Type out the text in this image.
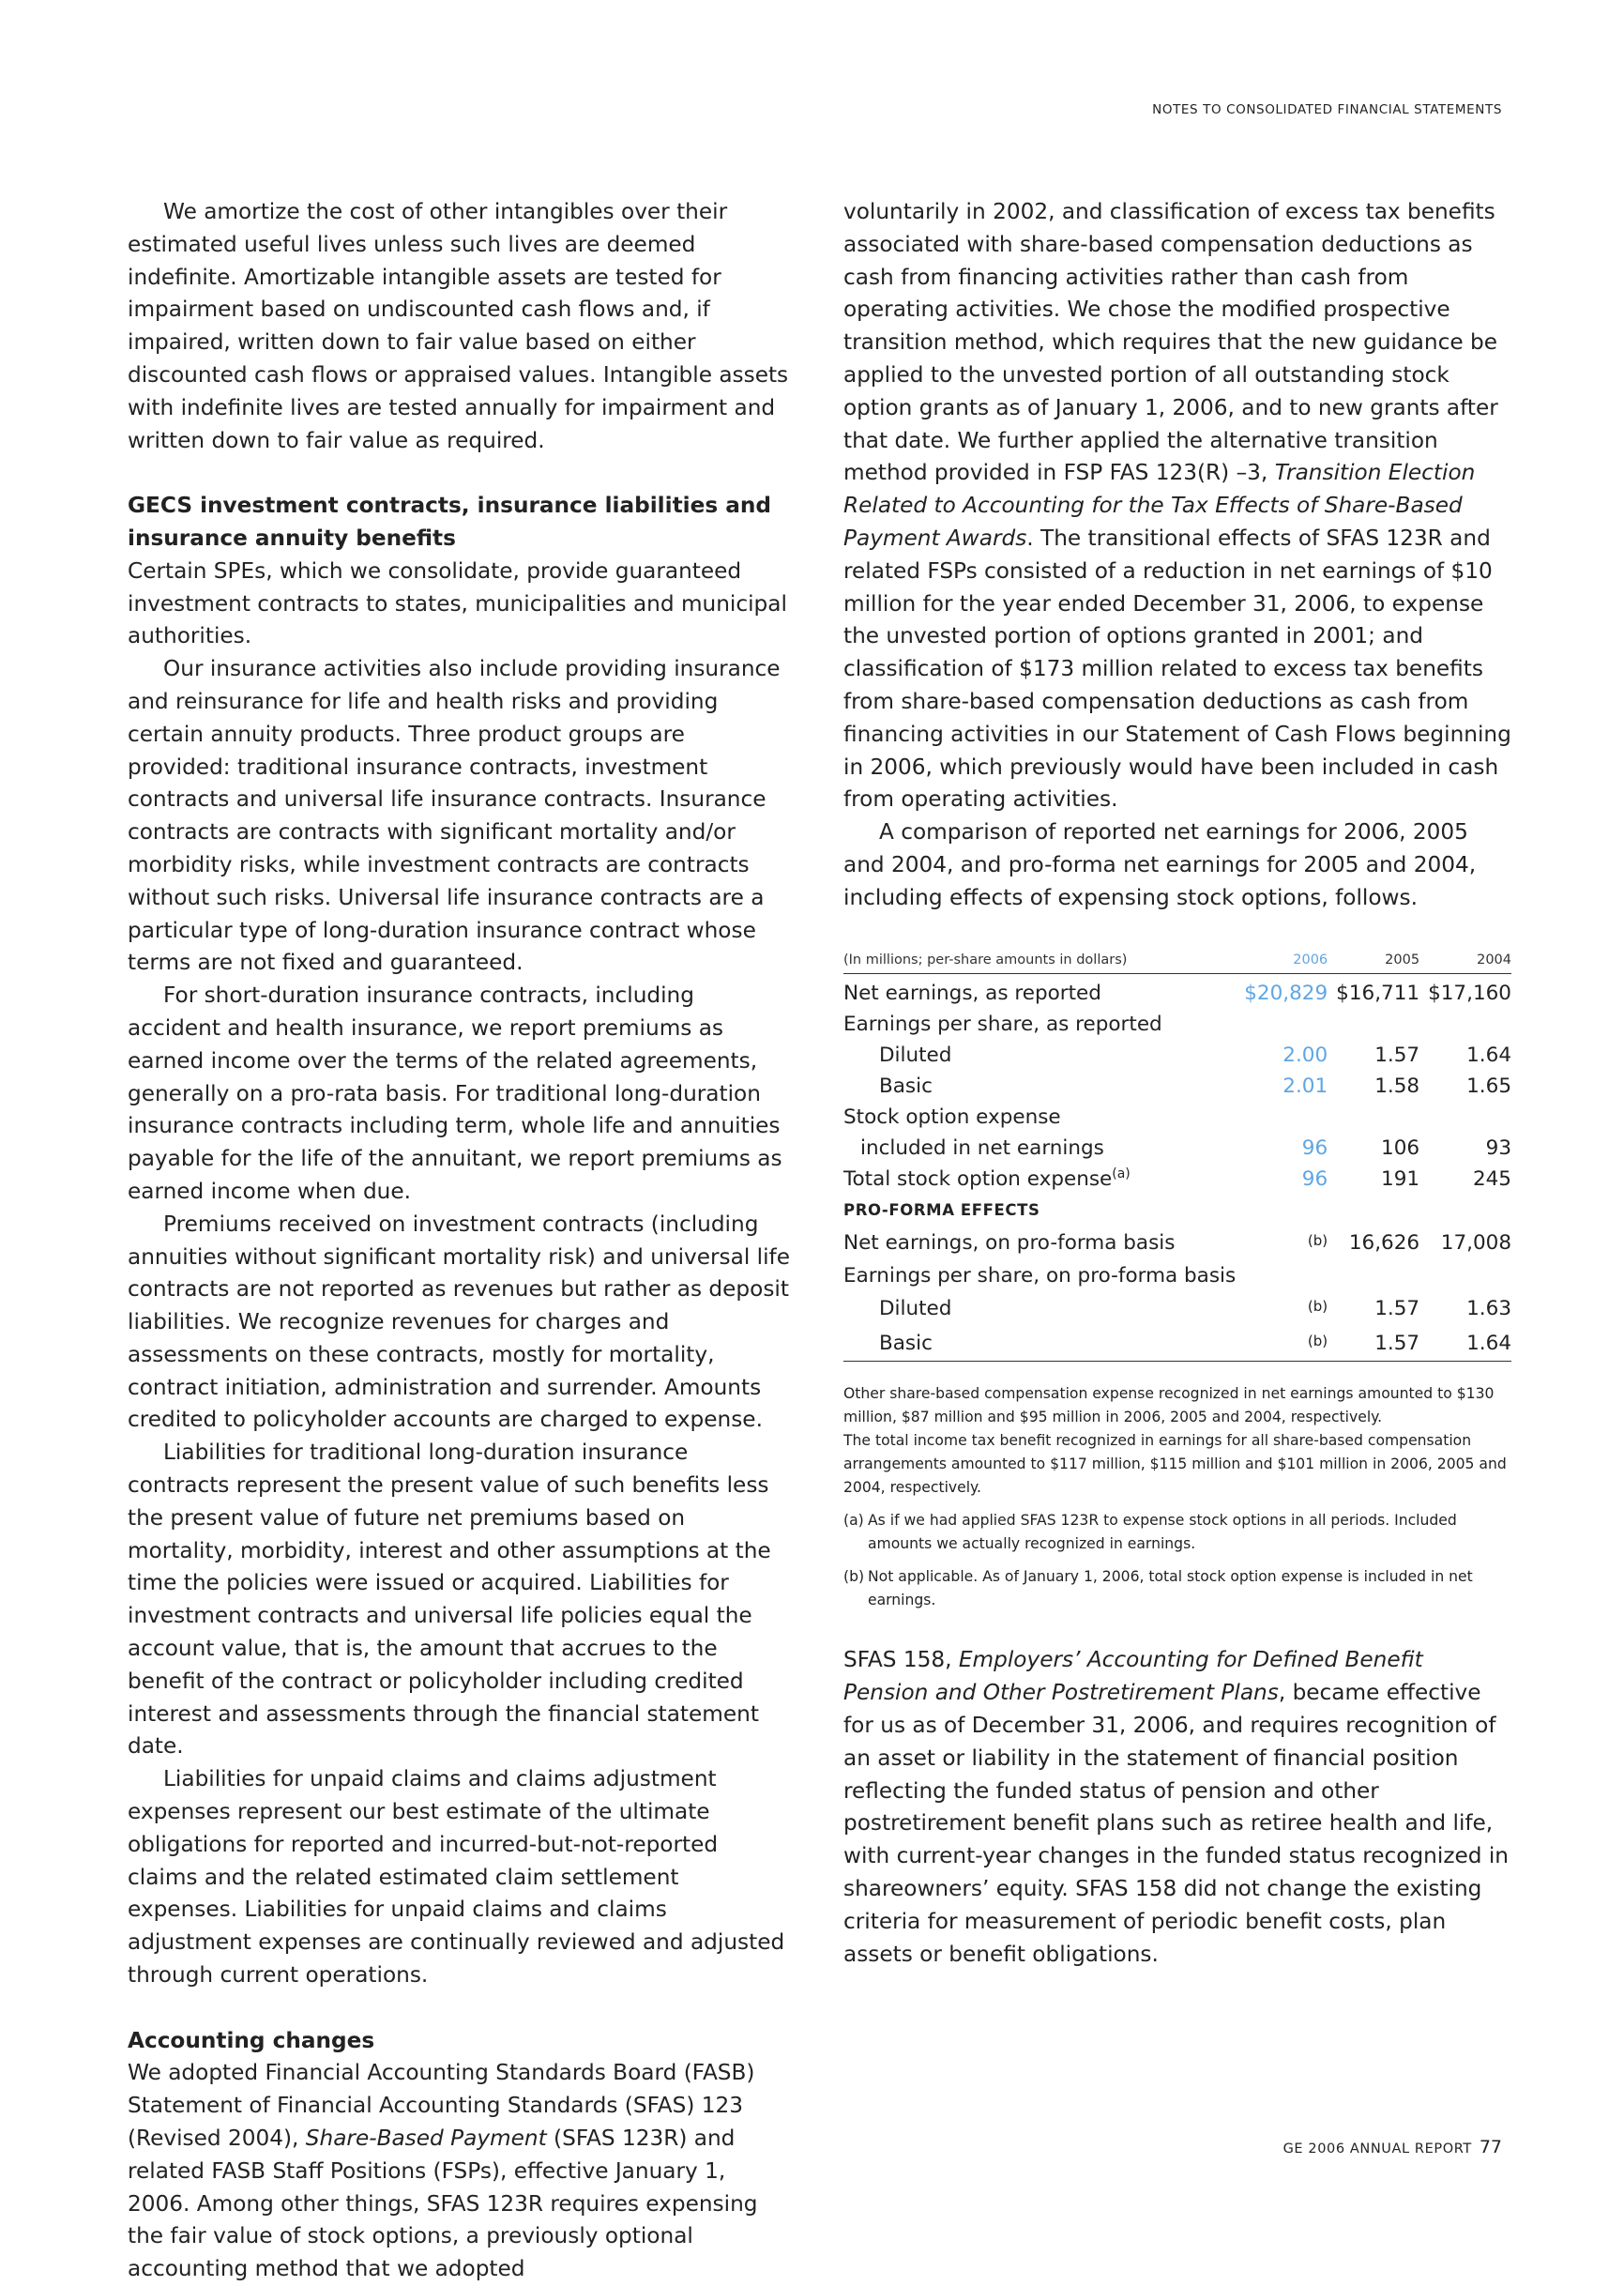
NOTES TO CONSOLIDATED FINANCIAL STATEMENTS

We amortize the cost of other intangibles over their estimated useful lives unless such lives are deemed indefinite. Amortizable intangible assets are tested for impairment based on undiscounted cash flows and, if impaired, written down to fair value based on either discounted cash flows or appraised values. Intangible assets with indefinite lives are tested annually for impairment and written down to fair value as required.

GECS investment contracts, insurance liabilities and insurance annuity benefits

Certain SPEs, which we consolidate, provide guaranteed investment contracts to states, municipalities and municipal authorities.

Our insurance activities also include providing insurance and reinsurance for life and health risks and providing certain annuity products. Three product groups are provided: traditional insurance contracts, investment contracts and universal life insurance contracts. Insurance contracts are contracts with significant mortality and/or morbidity risks, while investment contracts are contracts without such risks. Universal life insurance contracts are a particular type of long-duration insurance contract whose terms are not fixed and guaranteed.

For short-duration insurance contracts, including accident and health insurance, we report premiums as earned income over the terms of the related agreements, generally on a pro-rata basis. For traditional long-duration insurance contracts including term, whole life and annuities payable for the life of the annuitant, we report premiums as earned income when due.

Premiums received on investment contracts (including annuities without significant mortality risk) and universal life contracts are not reported as revenues but rather as deposit liabilities. We recognize revenues for charges and assessments on these contracts, mostly for mortality, contract initiation, administration and surrender. Amounts credited to policyholder accounts are charged to expense.

Liabilities for traditional long-duration insurance contracts represent the present value of such benefits less the present value of future net premiums based on mortality, morbidity, interest and other assumptions at the time the policies were issued or acquired. Liabilities for investment contracts and universal life policies equal the account value, that is, the amount that accrues to the benefit of the contract or policyholder including credited interest and assessments through the financial statement date.

Liabilities for unpaid claims and claims adjustment expenses represent our best estimate of the ultimate obligations for reported and incurred-but-not-reported claims and the related estimated claim settlement expenses. Liabilities for unpaid claims and claims adjustment expenses are continually reviewed and adjusted through current operations.

Accounting changes

We adopted Financial Accounting Standards Board (FASB) Statement of Financial Accounting Standards (SFAS) 123 (Revised 2004), Share-Based Payment (SFAS 123R) and related FASB Staff Positions (FSPs), effective January 1, 2006. Among other things, SFAS 123R requires expensing the fair value of stock options, a previously optional accounting method that we adopted

voluntarily in 2002, and classification of excess tax benefits associated with share-based compensation deductions as cash from financing activities rather than cash from operating activities. We chose the modified prospective transition method, which requires that the new guidance be applied to the unvested portion of all outstanding stock option grants as of January 1, 2006, and to new grants after that date. We further applied the alternative transition method provided in FSP FAS 123(R) –3, Transition Election Related to Accounting for the Tax Effects of Share-Based Payment Awards. The transitional effects of SFAS 123R and related FSPs consisted of a reduction in net earnings of $10 million for the year ended December 31, 2006, to expense the unvested portion of options granted in 2001; and classification of $173 million related to excess tax benefits from share-based compensation deductions as cash from financing activities in our Statement of Cash Flows beginning in 2006, which previously would have been included in cash from operating activities.

A comparison of reported net earnings for 2006, 2005 and 2004, and pro-forma net earnings for 2005 and 2004, including effects of expensing stock options, follows.

(In millions; per-share amounts in dollars)	2006	2005	2004
Net earnings, as reported	$20,829	$16,711	$17,160
Earnings per share, as reported			
Diluted	2.00	1.57	1.64
Basic	2.01	1.58	1.65
Stock option expense			
included in net earnings	96	106	93
Total stock option expense$^{(a)}$	96	191	245
PRO-FORMA EFFECTS			
Net earnings, on pro-forma basis	$^{(b)}$	16,626	17,008
Earnings per share, on pro-forma basis			
Diluted	$^{(b)}$	1.57	1.63
Basic	$^{(b)}$	1.57	1.64

Other share-based compensation expense recognized in net earnings amounted to $130 million, $87 million and $95 million in 2006, 2005 and 2004, respectively.

The total income tax benefit recognized in earnings for all share-based compensation arrangements amounted to $117 million, $115 million and $101 million in 2006, 2005 and 2004, respectively.

(a) As if we had applied SFAS 123R to expense stock options in all periods. Included amounts we actually recognized in earnings.

(b) Not applicable. As of January 1, 2006, total stock option expense is included in net earnings.

SFAS 158, Employers’ Accounting for Defined Benefit Pension and Other Postretirement Plans, became effective for us as of December 31, 2006, and requires recognition of an asset or liability in the statement of financial position reflecting the funded status of pension and other postretirement benefit plans such as retiree health and life, with current-year changes in the funded status recognized in shareowners’ equity. SFAS 158 did not change the existing criteria for measurement of periodic benefit costs, plan assets or benefit obligations.

GE 2006 ANNUAL REPORT 77
